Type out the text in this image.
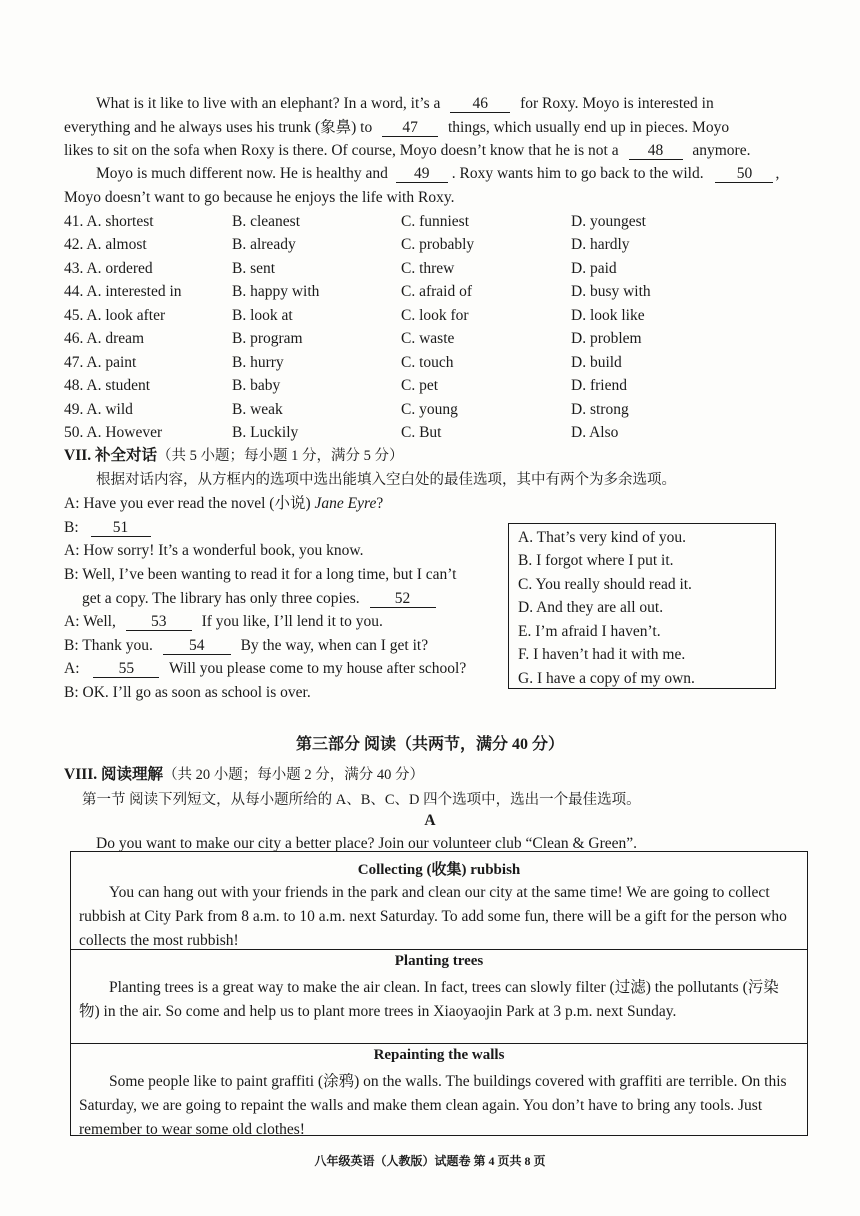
What is it like to live with an elephant? In a word, it’s a 46 for Roxy. Moyo is interested in
everything and he always uses his trunk (象鼻) to 47 things, which usually end up in pieces. Moyo
likes to sit on the sofa when Roxy is there. Of course, Moyo doesn’t know that he is not a 48 anymore.
Moyo is much different now. He is healthy and 49 . Roxy wants him to go back to the wild. 50 ,
Moyo doesn’t want to go because he enjoys the life with Roxy.
41. A. shortest	B. cleanest	C. funniest	D. youngest
42. A. almost	B. already	C. probably	D. hardly
43. A. ordered	B. sent	C. threw	D. paid
44. A. interested in	B. happy with	C. afraid of	D. busy with
45. A. look after	B. look at	C. look for	D. look like
46. A. dream	B. program	C. waste	D. problem
47. A. paint	B. hurry	C. touch	D. build
48. A. student	B. baby	C. pet	D. friend
49. A. wild	B. weak	C. young	D. strong
50. A. However	B. Luckily	C. But	D. Also
VII. 补全对话（共 5 小题；每小题 1 分，满分 5 分）
根据对话内容，从方框内的选项中选出能填入空白处的最佳选项，其中有两个为多余选项。
A: Have you ever read the novel (小说) Jane Eyre?
B: 51
A: How sorry! It’s a wonderful book, you know.
B: Well, I’ve been wanting to read it for a long time, but I can’t
get a copy. The library has only three copies. 52
A: Well, 53 If you like, I’ll lend it to you.
B: Thank you. 54 By the way, when can I get it?
A:	55 Will you please come to my house after school?
B: OK. I’ll go as soon as school is over.
A. That’s very kind of you.
B. I forgot where I put it.
C. You really should read it.
D. And they are all out.
E. I’m afraid I haven’t.
F. I haven’t had it with me.
G. I have a copy of my own.
第三部分 阅读（共两节，满分 40 分）
VIII. 阅读理解（共 20 小题；每小题 2 分，满分 40 分）
第一节 阅读下列短文，从每小题所给的 A、B、C、D 四个选项中，选出一个最佳选项。
A
Do you want to make our city a better place? Join our volunteer club “Clean & Green”.
Collecting (收集) rubbish
You can hang out with your friends in the park and clean our city at the same time! We are going to collect rubbish at City Park from 8 a.m. to 10 a.m. next Saturday. To add some fun, there will be a gift for the person who collects the most rubbish!
Planting trees
Planting trees is a great way to make the air clean. In fact, trees can slowly filter (过滤) the pollutants (污染物) in the air. So come and help us to plant more trees in Xiaoyaojin Park at 3 p.m. next Sunday.
Repainting the walls
Some people like to paint graffiti (涂鸦) on the walls. The buildings covered with graffiti are terrible. On this Saturday, we are going to repaint the walls and make them clean again. You don’t have to bring any tools. Just remember to wear some old clothes!
八年级英语（人教版）试题卷 第 4 页共 8 页
